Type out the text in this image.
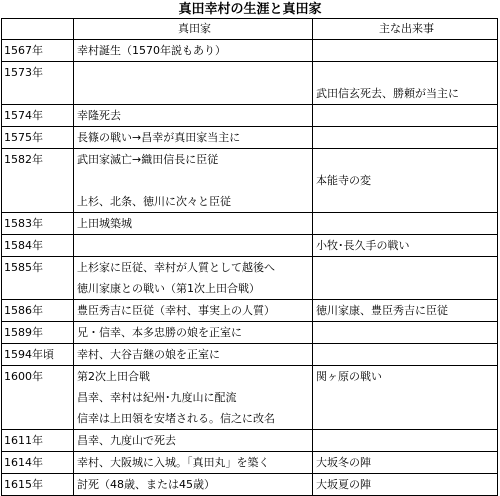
真田幸村の生涯と真田家
	真田家	主な出来事
1567年	幸村誕生（1570年説もあり）	

1573年		武田信玄死去、勝頼が当主に

1574年	幸隆死去	

1575年	長篠の戦い→昌幸が真田家当主に	

1582年	武田家滅亡→織田信長に臣従
上杉、北条、徳川に次々と臣従	本能寺の変

1583年	上田城築城	

1584年		小牧･長久手の戦い

1585年	上杉家に臣従、幸村が人質として越後へ
徳川家康との戦い（第1次上田合戦）	

1586年	豊臣秀吉に臣従（幸村、事実上の人質）	徳川家康、豊臣秀吉に臣従

1589年	兄・信幸、本多忠勝の娘を正室に	

1594年頃	幸村、大谷吉継の娘を正室に	

1600年	第2次上田合戦
昌幸、幸村は紀州･九度山に配流
信幸は上田領を安堵される。信之に改名	関ヶ原の戦い

1611年	昌幸、九度山で死去	

1614年	幸村、大阪城に入城。「真田丸」を築く	大坂冬の陣

1615年	討死（48歳、または45歳）	大坂夏の陣
